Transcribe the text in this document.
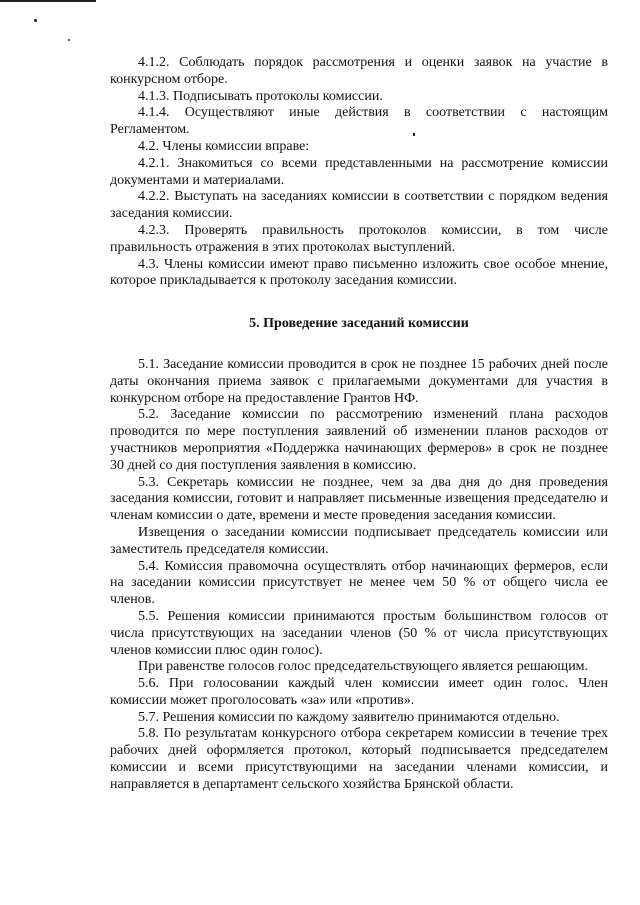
4.1.2. Соблюдать порядок рассмотрения и оценки заявок на участие в конкурсном отборе.

4.1.3. Подписывать протоколы комиссии.

4.1.4. Осуществляют иные действия в соответствии с настоящим Регламентом.

4.2. Члены комиссии вправе:

4.2.1. Знакомиться со всеми представленными на рассмотрение комиссии документами и материалами.

4.2.2. Выступать на заседаниях комиссии в соответствии с порядком ведения заседания комиссии.

4.2.3. Проверять правильность протоколов комиссии, в том числе правильность отражения в этих протоколах выступлений.

4.3. Члены комиссии имеют право письменно изложить свое особое мнение, которое прикладывается к протоколу заседания комиссии.

5. Проведение заседаний комиссии

5.1. Заседание комиссии проводится в срок не позднее 15 рабочих дней после даты окончания приема заявок с прилагаемыми документами для участия в конкурсном отборе на предоставление Грантов НФ.

5.2. Заседание комиссии по рассмотрению изменений плана расходов проводится по мере поступления заявлений об изменении планов расходов от участников мероприятия «Поддержка начинающих фермеров» в срок не позднее 30 дней со дня поступления заявления в комиссию.

5.3. Секретарь комиссии не позднее, чем за два дня до дня проведения заседания комиссии, готовит и направляет письменные извещения председателю и членам комиссии о дате, времени и месте проведения заседания комиссии.

Извещения о заседании комиссии подписывает председатель комиссии или заместитель председателя комиссии.

5.4. Комиссия правомочна осуществлять отбор начинающих фермеров, если на заседании комиссии присутствует не менее чем 50 % от общего числа ее членов.

5.5. Решения комиссии принимаются простым большинством голосов от числа присутствующих на заседании членов (50 % от числа присутствующих членов комиссии плюс один голос).

При равенстве голосов голос председательствующего является решающим.

5.6. При голосовании каждый член комиссии имеет один голос. Член комиссии может проголосовать «за» или «против».

5.7. Решения комиссии по каждому заявителю принимаются отдельно.

5.8. По результатам конкурсного отбора секретарем комиссии в течение трех рабочих дней оформляется протокол, который подписывается председателем комиссии и всеми присутствующими на заседании членами комиссии, и направляется в департамент сельского хозяйства Брянской области.
